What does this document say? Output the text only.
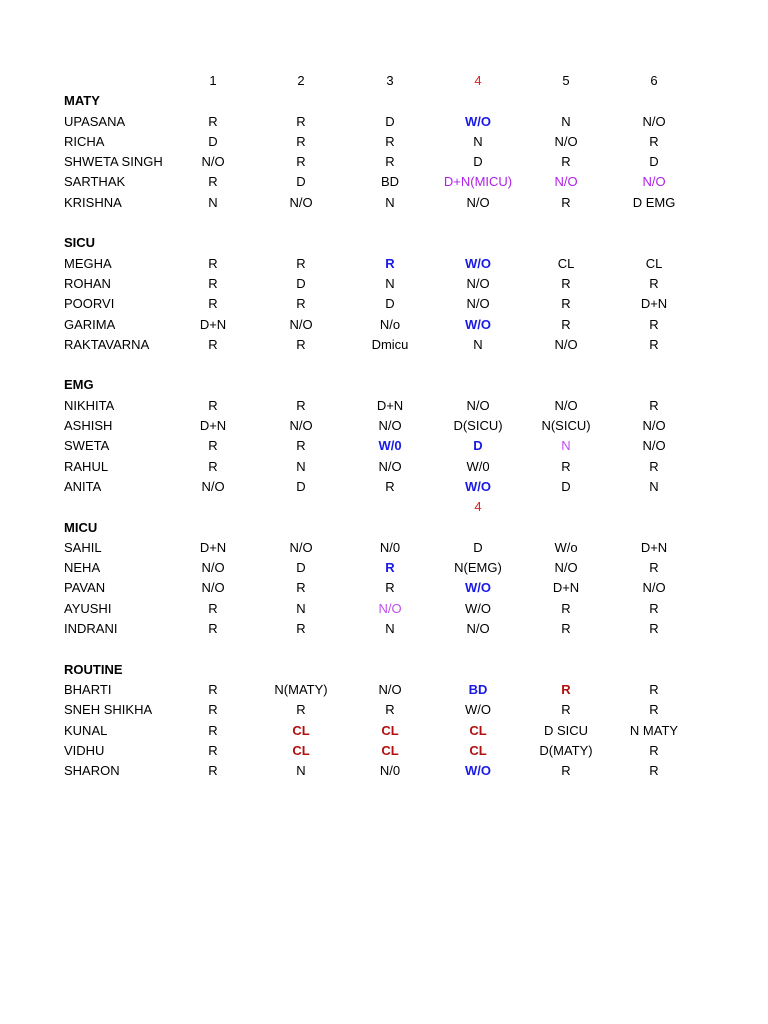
1	2	3	4	5	6
MATY
UPASANA	R	R	D	W/O	N	N/O
RICHA	D	R	R	N	N/O	R
SHWETA SINGH	N/O	R	R	D	R	D
SARTHAK	R	D	BD	D+N(MICU)	N/O	N/O
KRISHNA	N	N/O	N	N/O	R	D EMG
SICU
MEGHA	R	R	R	W/O	CL	CL
ROHAN	R	D	N	N/O	R	R
POORVI	R	R	D	N/O	R	D+N
GARIMA	D+N	N/O	N/o	W/O	R	R
RAKTAVARNA	R	R	Dmicu	N	N/O	R
EMG
NIKHITA	R	R	D+N	N/O	N/O	R
ASHISH	D+N	N/O	N/O	D(SICU)	N(SICU)	N/O
SWETA	R	R	W/0	D	N	N/O
RAHUL	R	N	N/O	W/0	R	R
ANITA	N/O	D	R	W/O	D	N
4
MICU
SAHIL	D+N	N/O	N/0	D	W/o	D+N
NEHA	N/O	D	R	N(EMG)	N/O	R
PAVAN	N/O	R	R	W/O	D+N	N/O
AYUSHI	R	N	N/O	W/O	R	R
INDRANI	R	R	N	N/O	R	R
ROUTINE
BHARTI	R	N(MATY)	N/O	BD	R	R
SNEH SHIKHA	R	R	R	W/O	R	R
KUNAL	R	CL	CL	CL	D SICU	N MATY
VIDHU	R	CL	CL	CL	D(MATY)	R
SHARON	R	N	N/0	W/O	R	R
